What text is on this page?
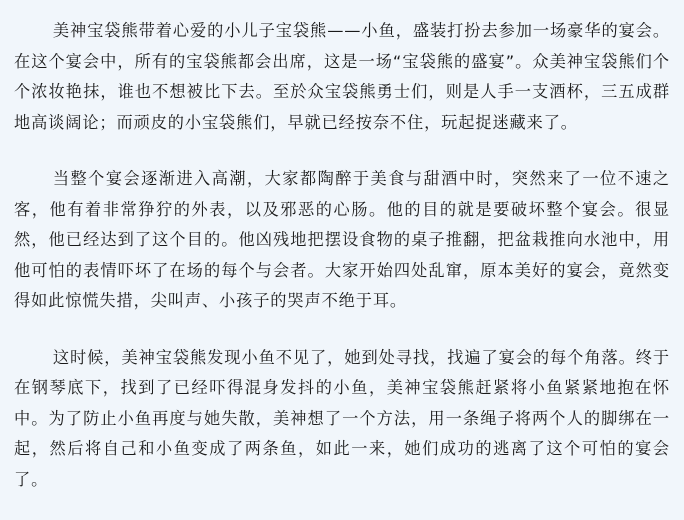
美神宝袋熊带着心爱的小儿子宝袋熊——小鱼，盛装打扮去参加一场豪华的宴会。在这个宴会中，所有的宝袋熊都会出席，这是一场“宝袋熊的盛宴”。众美神宝袋熊们个个浓妆艳抹，谁也不想被比下去。至於众宝袋熊勇士们，则是人手一支酒杯，三五成群地高谈阔论；而顽皮的小宝袋熊们，早就已经按奈不住，玩起捉迷藏来了。

当整个宴会逐渐进入高潮，大家都陶醉于美食与甜酒中时，突然来了一位不速之客，他有着非常狰狞的外表，以及邪恶的心肠。他的目的就是要破坏整个宴会。很显然，他已经达到了这个目的。他凶残地把摆设食物的桌子推翻，把盆栽推向水池中，用他可怕的表情吓坏了在场的每个与会者。大家开始四处乱窜，原本美好的宴会，竟然变得如此惊慌失措，尖叫声、小孩子的哭声不绝于耳。

这时候，美神宝袋熊发现小鱼不见了，她到处寻找，找遍了宴会的每个角落。终于在钢琴底下，找到了已经吓得混身发抖的小鱼，美神宝袋熊赶紧将小鱼紧紧地抱在怀中。为了防止小鱼再度与她失散，美神想了一个方法，用一条绳子将两个人的脚绑在一起，然后将自己和小鱼变成了两条鱼，如此一来，她们成功的逃离了这个可怕的宴会了。
